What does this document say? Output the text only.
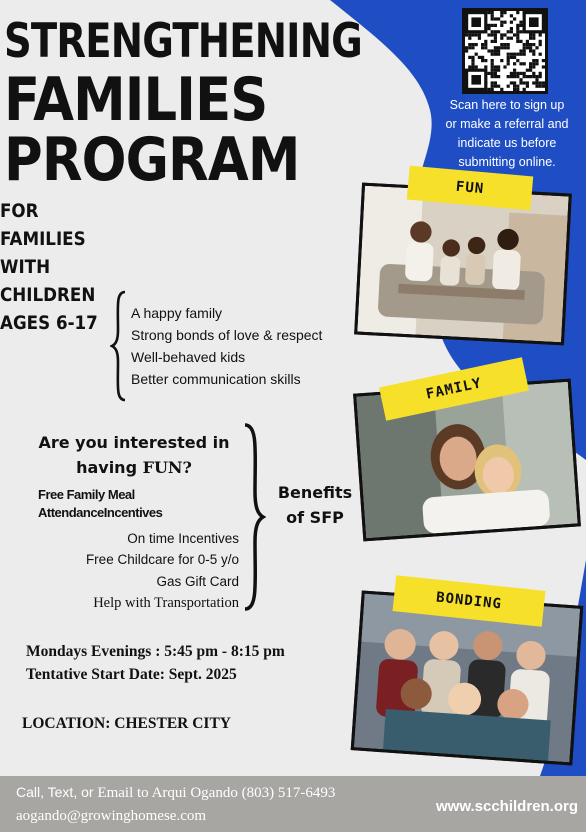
STRENGTHENING
FAMILIES
PROGRAM
FOR
FAMILIES
WITH
CHILDREN
AGES 6-17
Scan here to sign up
or make a referral and
indicate us before
submitting online.
FUN
FAMILY
BONDING
A happy family
Strong bonds of love & respect
Well-behaved kids
Better communication skills
Are you interested in
having FUN?
Free Family Meal
AttendanceIncentives
On time Incentives
Free Childcare for 0-5 y/o
Gas Gift Card
Help with Transportation
Benefits
of SFP
Mondays Evenings : 5:45 pm - 8:15 pm
Tentative Start Date: Sept. 2025
LOCATION: CHESTER CITY
Call, Text, or Email to Arqui Ogando (803) 517-6493
aogando@growinghomese.com
www.scchildren.org
